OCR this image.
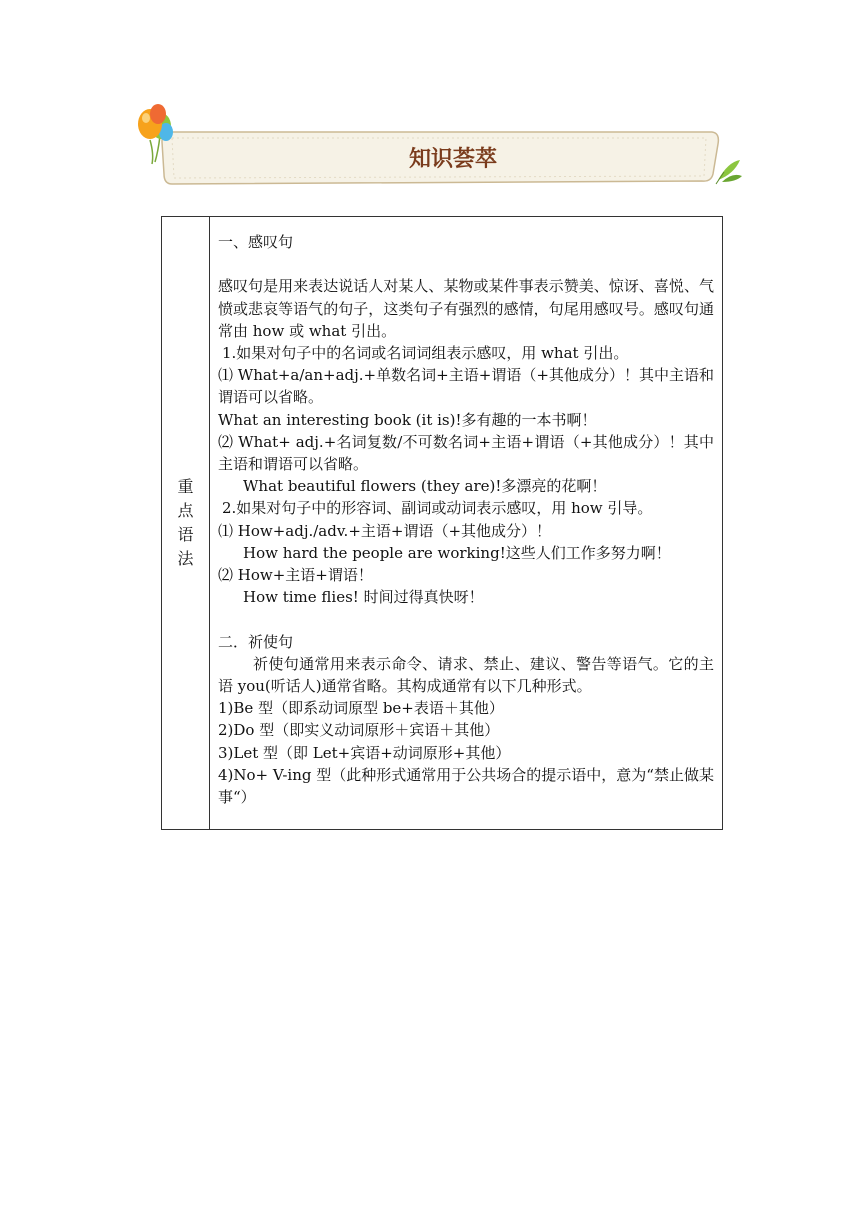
知识荟萃
重
点
语
法

一、感叹句

感叹句是用来表达说话人对某人、某物或某件事表示赞美、惊讶、喜悦、气愤或悲哀等语气的句子，这类句子有强烈的感情，句尾用感叹号。感叹句通常由 how 或 what 引出。

1.如果对句子中的名词或名词词组表示感叹，用 what 引出。

⑴ What+a/an+adj.+单数名词+主语+谓语（+其他成分）！其中主语和谓语可以省略。

What an interesting book (it is)!多有趣的一本书啊！

⑵ What+ adj.+名词复数/不可数名词+主语+谓语（+其他成分）！其中主语和谓语可以省略。

What beautiful flowers (they are)!多漂亮的花啊！

2.如果对句子中的形容词、副词或动词表示感叹，用 how 引导。

⑴ How+adj./adv.+主语+谓语（+其他成分）！

How hard the people are working!这些人们工作多努力啊！

⑵ How+主语+谓语！

How time flies! 时间过得真快呀！

二．祈使句

祈使句通常用来表示命令、请求、禁止、建议、警告等语气。它的主语 you(听话人)通常省略。其构成通常有以下几种形式。

1)Be 型（即系动词原型 be+表语＋其他）

2)Do 型（即实义动词原形＋宾语＋其他）

3)Let 型（即 Let+宾语+动词原形+其他）

4)No+ V-ing 型（此种形式通常用于公共场合的提示语中，意为“禁止做某事“）
